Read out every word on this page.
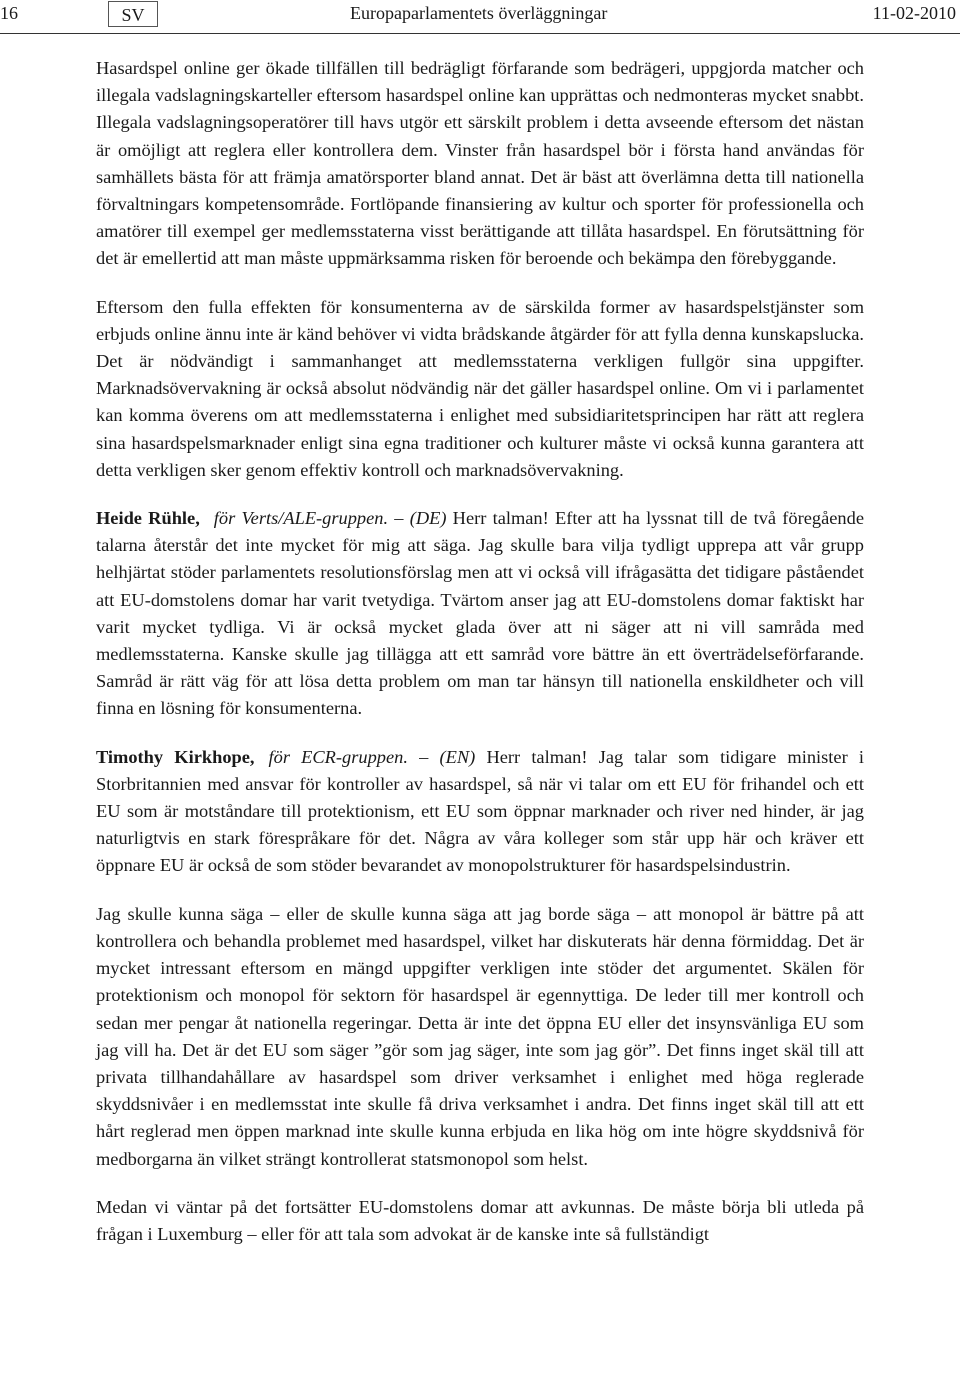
16	SV	Europaparlamentets överläggningar	11-02-2010

Hasardspel online ger ökade tillfällen till bedrägligt förfarande som bedrägeri, uppgjorda matcher och illegala vadslagningskarteller eftersom hasardspel online kan upprättas och nedmonteras mycket snabbt. Illegala vadslagningsoperatörer till havs utgör ett särskilt problem i detta avseende eftersom det nästan är omöjligt att reglera eller kontrollera dem. Vinster från hasardspel bör i första hand användas för samhällets bästa för att främja amatörsporter bland annat. Det är bäst att överlämna detta till nationella förvaltningars kompetensområde. Fortlöpande finansiering av kultur och sporter för professionella och amatörer till exempel ger medlemsstaterna visst berättigande att tillåta hasardspel. En förutsättning för det är emellertid att man måste uppmärksamma risken för beroende och bekämpa den förebyggande.

Eftersom den fulla effekten för konsumenterna av de särskilda former av hasardspelstjänster som erbjuds online ännu inte är känd behöver vi vidta brådskande åtgärder för att fylla denna kunskapslucka. Det är nödvändigt i sammanhanget att medlemsstaterna verkligen fullgör sina uppgifter. Marknadsövervakning är också absolut nödvändig när det gäller hasardspel online. Om vi i parlamentet kan komma överens om att medlemsstaterna i enlighet med subsidiaritetsprincipen har rätt att reglera sina hasardspelsmarknader enligt sina egna traditioner och kulturer måste vi också kunna garantera att detta verkligen sker genom effektiv kontroll och marknadsövervakning.

Heide Rühle, för Verts/ALE-gruppen. – (DE) Herr talman! Efter att ha lyssnat till de två föregående talarna återstår det inte mycket för mig att säga. Jag skulle bara vilja tydligt upprepa att vår grupp helhjärtat stöder parlamentets resolutionsförslag men att vi också vill ifrågasätta det tidigare påståendet att EU-domstolens domar har varit tvetydiga. Tvärtom anser jag att EU-domstolens domar faktiskt har varit mycket tydliga. Vi är också mycket glada över att ni säger att ni vill samråda med medlemsstaterna. Kanske skulle jag tillägga att ett samråd vore bättre än ett överträdelseförfarande. Samråd är rätt väg för att lösa detta problem om man tar hänsyn till nationella enskildheter och vill finna en lösning för konsumenterna.

Timothy Kirkhope, för ECR-gruppen. – (EN) Herr talman! Jag talar som tidigare minister i Storbritannien med ansvar för kontroller av hasardspel, så när vi talar om ett EU för frihandel och ett EU som är motståndare till protektionism, ett EU som öppnar marknader och river ned hinder, är jag naturligtvis en stark förespråkare för det. Några av våra kolleger som står upp här och kräver ett öppnare EU är också de som stöder bevarandet av monopolstrukturer för hasardspelsindustrin.

Jag skulle kunna säga – eller de skulle kunna säga att jag borde säga – att monopol är bättre på att kontrollera och behandla problemet med hasardspel, vilket har diskuterats här denna förmiddag. Det är mycket intressant eftersom en mängd uppgifter verkligen inte stöder det argumentet. Skälen för protektionism och monopol för sektorn för hasardspel är egennyttiga. De leder till mer kontroll och sedan mer pengar åt nationella regeringar. Detta är inte det öppna EU eller det insynsvänliga EU som jag vill ha. Det är det EU som säger ”gör som jag säger, inte som jag gör”. Det finns inget skäl till att privata tillhandahållare av hasardspel som driver verksamhet i enlighet med höga reglerade skyddsnivåer i en medlemsstat inte skulle få driva verksamhet i andra. Det finns inget skäl till att ett hårt reglerad men öppen marknad inte skulle kunna erbjuda en lika hög om inte högre skyddsnivå för medborgarna än vilket strängt kontrollerat statsmonopol som helst.

Medan vi väntar på det fortsätter EU-domstolens domar att avkunnas. De måste börja bli utleda på frågan i Luxemburg – eller för att tala som advokat är de kanske inte så fullständigt
